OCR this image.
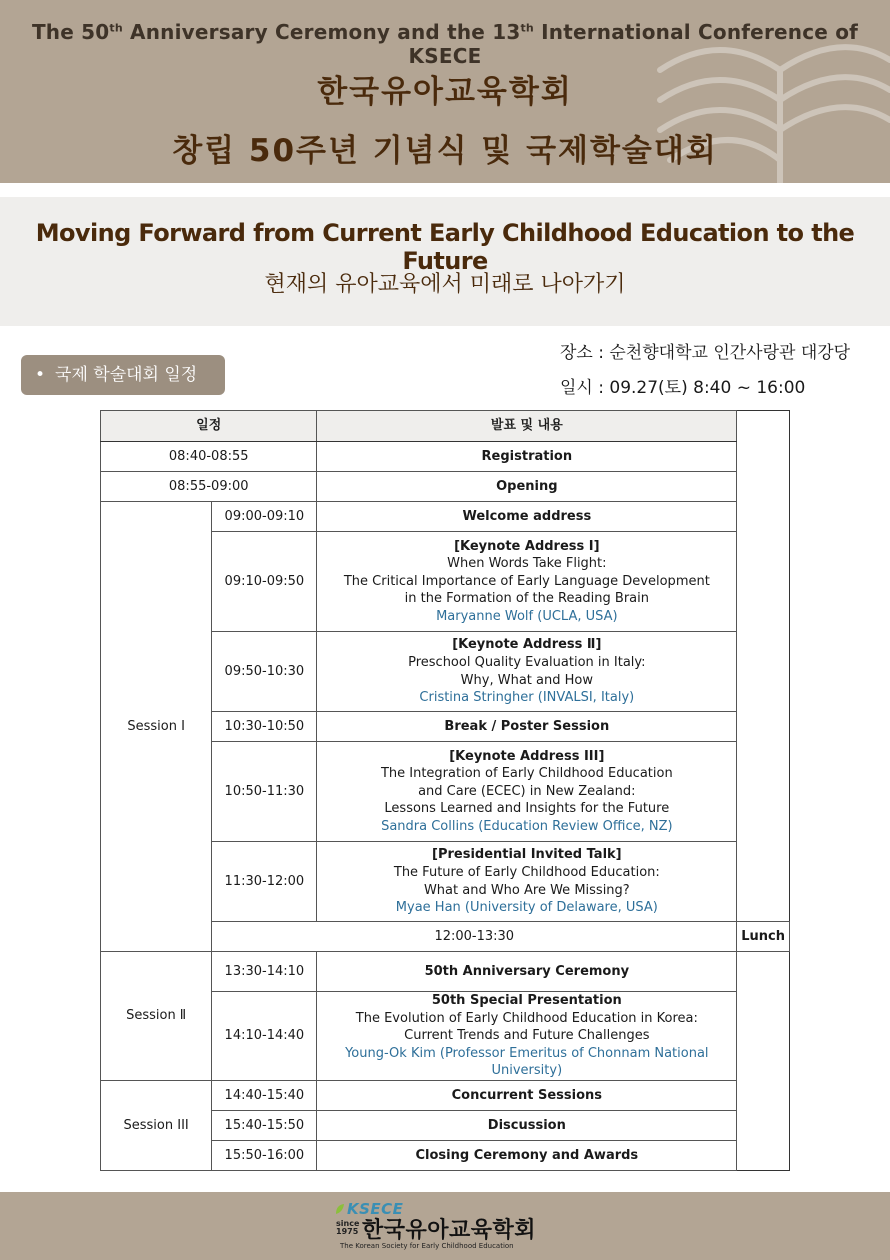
The 50th Anniversary Ceremony and the 13th International Conference of KSECE
한국유아교육학회
창립 50주년 기념식 및 국제학술대회
Moving Forward from Current Early Childhood Education to the Future
현재의 유아교육에서 미래로 나아가기
• 국제 학술대회 일정
장소 : 순천향대학교 인간사랑관 대강당
일시 : 09.27(토) 8:40 ~ 16:00
일정		발표 및 내용	
08:40-08:55		Registration	
08:55-09:00		Opening	
Session Ⅰ	09:00-09:10	Welcome address	
	09:10-09:50	[Keynote Address Ⅰ]
When Words Take Flight:
The Critical Importance of Early Language Development
in the Formation of the Reading Brain
Maryanne Wolf (UCLA, USA)	

	09:50-10:30	[Keynote Address Ⅱ]
Preschool Quality Evaluation in Italy:
Why, What and How
Cristina Stringher (INVALSI, Italy)	

	10:30-10:50	Break / Poster Session	
	10:50-11:30	[Keynote Address III]
The Integration of Early Childhood Education
and Care (ECEC) in New Zealand:
Lessons Learned and Insights for the Future
Sandra Collins (Education Review Office, NZ)	

	11:30-12:00	[Presidential Invited Talk]
The Future of Early Childhood Education:
What and Who Are We Missing?
Myae Han (University of Delaware, USA)	

	12:00-13:30		Lunch
Session Ⅱ	13:30-14:10	50th Anniversary Ceremony	
	14:10-14:40	50th Special Presentation
The Evolution of Early Childhood Education in Korea:
Current Trends and Future Challenges
Young-Ok Kim (Professor Emeritus of Chonnam National University)	

Session III	14:40-15:40	Concurrent Sessions	
	15:40-15:50	Discussion	
	15:50-16:00	Closing Ceremony and Awards	
KSECE
since 1975 한국유아교육학회
The Korean Society for Early Childhood Education
